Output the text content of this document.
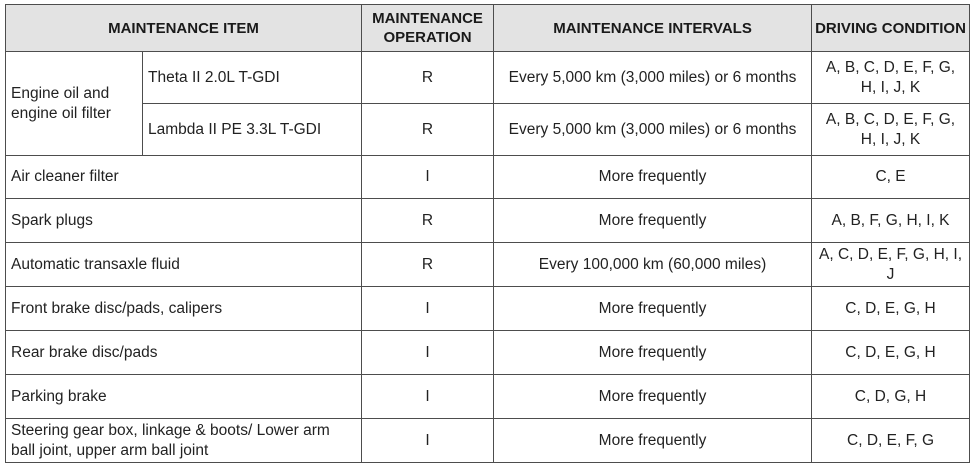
MAINTENANCE ITEM		MAINTENANCE OPERATION	MAINTENANCE INTERVALS	DRIVING CONDITION
Engine oil and engine oil filter	Theta II 2.0L T-GDI	R	Every 5,000 km (3,000 miles) or 6 months	A, B, C, D, E, F, G, H, I, J, K
	Lambda II PE 3.3L T-GDI	R	Every 5,000 km (3,000 miles) or 6 months	A, B, C, D, E, F, G, H, I, J, K
Air cleaner filter		I	More frequently	C, E
Spark plugs		R	More frequently	A, B, F, G, H, I, K
Automatic transaxle fluid		R	Every 100,000 km (60,000 miles)	A, C, D, E, F, G, H, I, J
Front brake disc/pads, calipers		I	More frequently	C, D, E, G, H
Rear brake disc/pads		I	More frequently	C, D, E, G, H
Parking brake		I	More frequently	C, D, G, H
Steering gear box, linkage & boots/ Lower arm ball joint, upper arm ball joint		I	More frequently	C, D, E, F, G
